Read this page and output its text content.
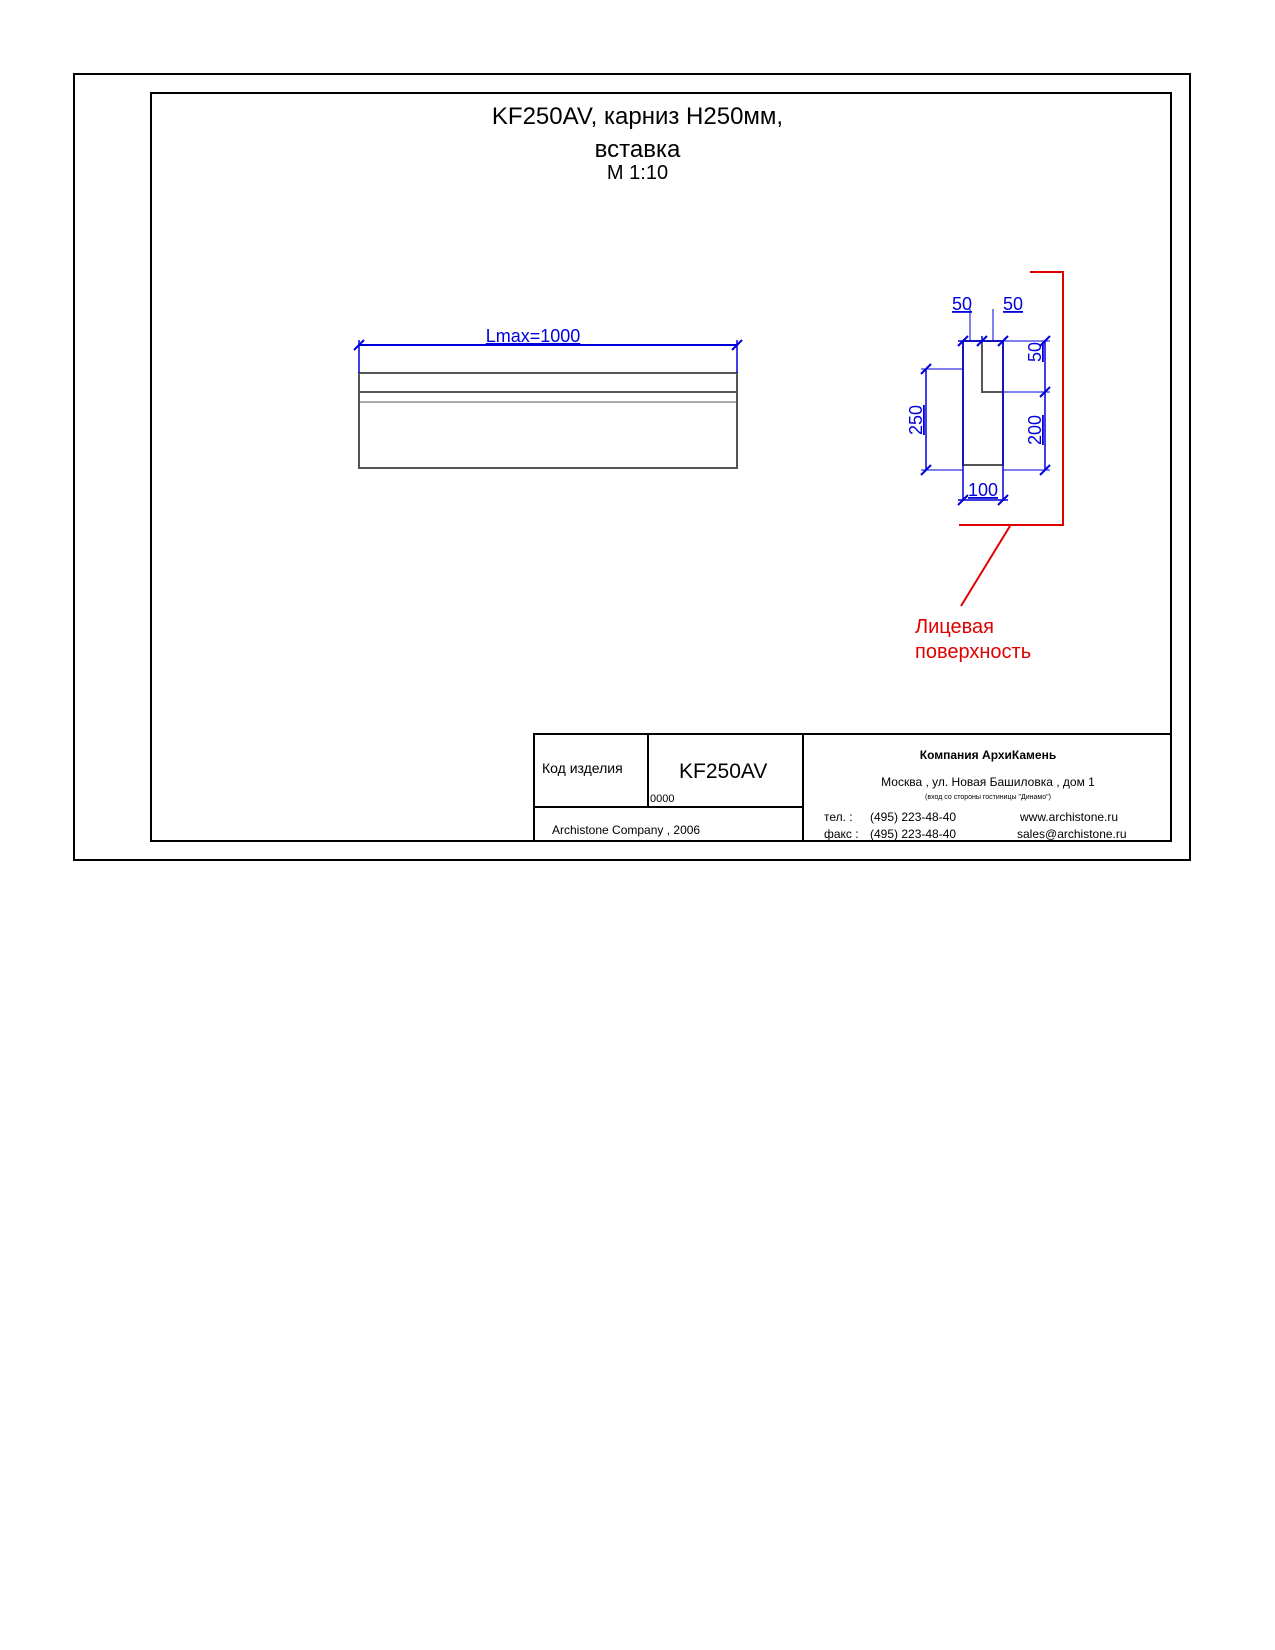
KF250AV, карниз H250мм,
вставка
M 1:10
Lmax=1000
50 50
50
200
250
100
Лицевая
поверхность
Код изделия	KF250AV
0000
Archistone Company , 2006
Компания АрхиКамень
Москва , ул. Новая Башиловка , дом 1
(вход со стороны гостиницы "Динамо")
тел. : (495) 223-48-40
факс : (495) 223-48-40
www.archistone.ru
sales@archistone.ru
